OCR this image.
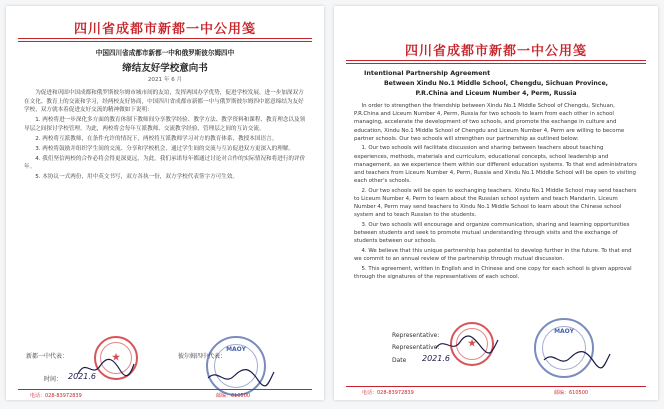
四川省成都市新都一中公用笺
中国四川省成都市新都一中和俄罗斯彼尔姆四中
缔结友好学校意向书
2021 年 6 月

为促进和巩固中国成都和俄罗斯彼尔姆市城市间的友谊，发挥两国办学优势，促进学校发展，进一步加深双方在文化、教育上的交流和学习，经两校友好协商，中国四川省成都市新都一中与俄罗斯彼尔姆四中愿意缔结为友好学校，双方就本着促进友好交流的精神做如下说明：

1. 两校将进一步深化多方面的教育体制下教师间分享教学经验、教学方法、教学资料和课程、教育理念以及领导层之间探讨学校管理。为此，两校将会每年互派教师、交流教学经验、管理层之间的互访交流。

2. 两校将互派教师，在条件允许的情况下，两校将互派教师学习对方的教育体系，教授本国语言。

3. 两校将鼓励并组织学生间的交流、分享和学校机会，通过学生间的交流与互访促进双方更深入的理解。

4. 我们坚信两校的合作必将会得更深更远，为此，我们承诺每年都通过讨论对合作的实际情况和将进行的评价年。

5. 本协议一式两份，用中英文书写，双方各执一份，双方学校代表签字方可生效。

新都一中代表：	彼尔姆四中代表：
时间： 2021.6
★
MAOY
电话：028-83972839	邮编：610500
四川省成都市新都一中公用笺
Intentional Partnership Agreement
Between Xindu No.1 Middle School, Chengdu, Sichuan Province,
P.R.China and Liceum Number 4, Perm, Russia

In order to strengthen the friendship between Xindu No.1 Middle School of Chengdu, Sichuan, P.R.China and Liceum Number 4, Perm, Russia for two schools to learn from each other in school managing, accelerate the development of two schools, and promote the exchange in culture and education, Xindu No.1 Middle School of Chengdu and Liceum Number 4, Perm are willing to become partner schools. Our two schools will strengthen our partnership as outlined below:

1. Our two schools will facilitate discussion and sharing between teachers about teaching experiences, methods, materials and curriculum, educational concepts, school leadership and management, as we experience them within our different education systems. To that end administrators and teachers from Liceum Number 4, Perm, Russia and Xindu No.1 Middle School will be open to visiting each other's schools.

2. Our two schools will be open to exchanging teachers. Xindu No.1 Middle School may send teachers to Liceum Number 4, Perm to learn about the Russian school system and teach Mandarin. Liceum Number 4, Perm may send teachers to Xindu No.1 Middle School to learn about the Chinese school system and to teach Russian to the students.

3. Our two schools will encourage and organize communication, sharing and learning opportunities between students and seek to promote mutual understanding through visits and the exchange of students between our schools.

4. We believe that this unique partnership has potential to develop further in the future. To that end we commit to an annual review of the partnership through mutual discussion.

5. This agreement, written in English and in Chinese and one copy for each school is given approval through the signatures of the representatives of each school.

Representative:
Representative:
Date 2021.6
★
MAOY
电话：028-83972839	邮编：610500
